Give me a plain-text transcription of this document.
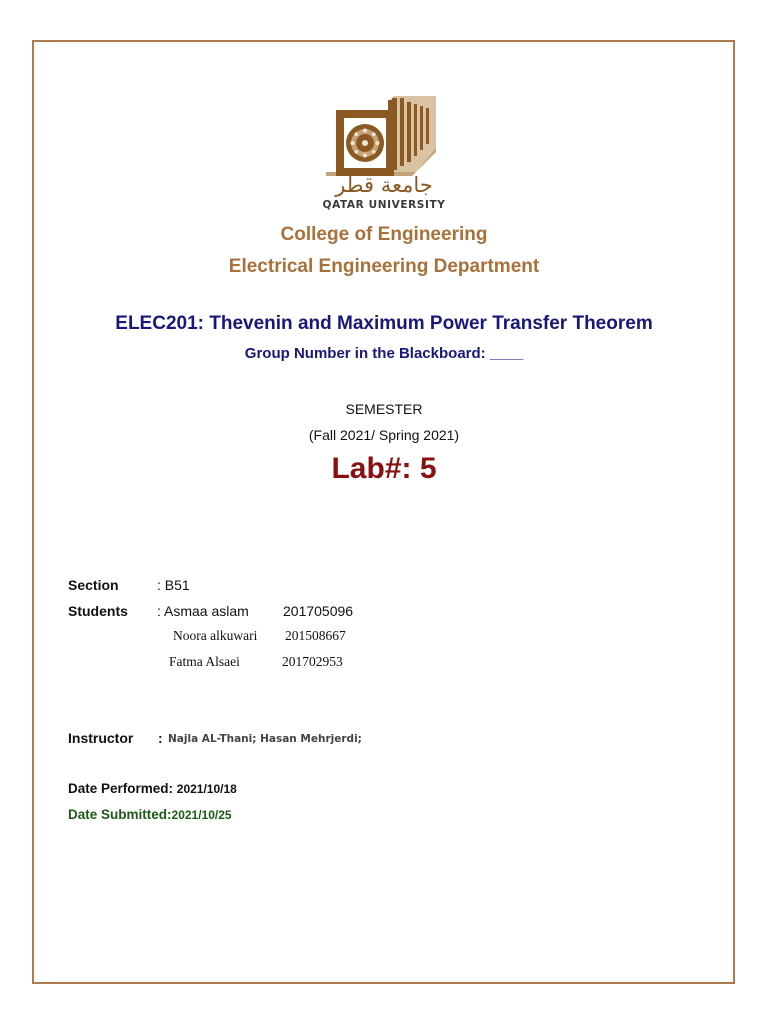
جامعة قطر
QATAR UNIVERSITY
College of Engineering
Electrical Engineering Department
ELEC201: Thevenin and Maximum Power Transfer Theorem
Group Number in the Blackboard: ____
SEMESTER
(Fall 2021/ Spring 2021)
Lab#: 5
Section	: B51
Students : Asmaa aslam 201705096
Noora alkuwari 201508667
Fatma Alsaei	201702953
Instructor : Najla AL-Thani; Hasan Mehrjerdi;
Date Performed: 2021/10/18
Date Submitted:2021/10/25
